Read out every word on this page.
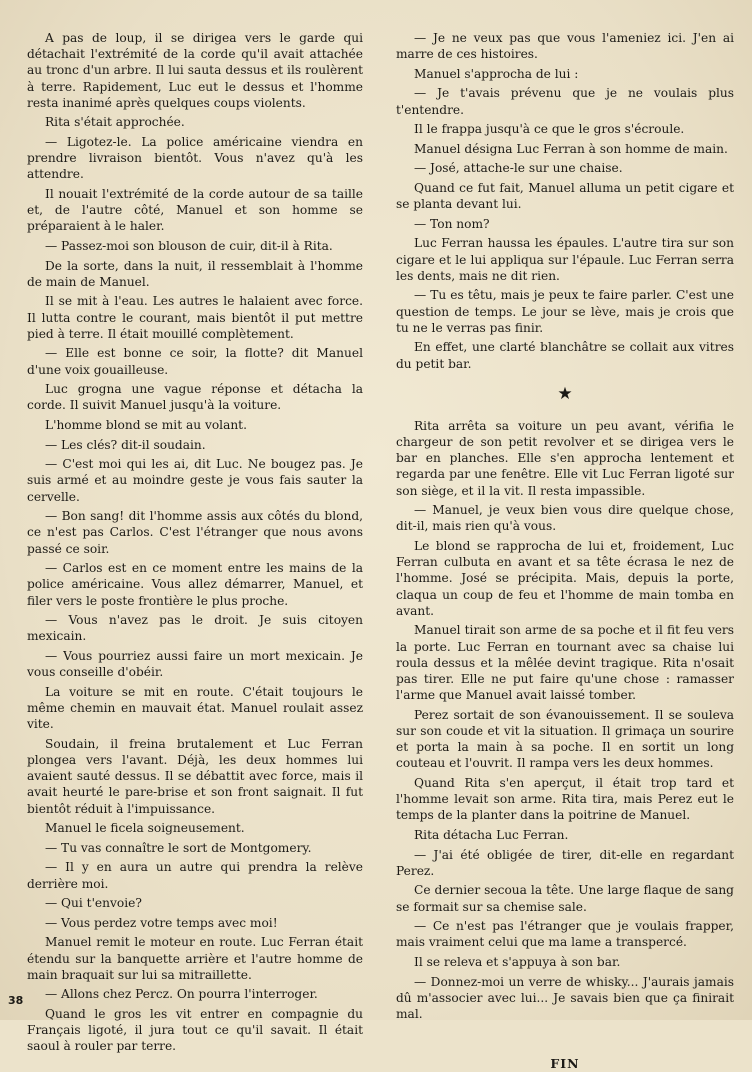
A pas de loup, il se dirigea vers le garde qui détachait l'extrémité de la corde qu'il avait attachée au tronc d'un arbre. Il lui sauta dessus et ils roulèrent à terre. Rapidement, Luc eut le dessus et l'homme resta inanimé après quelques coups violents.

Rita s'était approchée.

— Ligotez-le. La police américaine viendra en prendre livraison bientôt. Vous n'avez qu'à les attendre.

Il nouait l'extrémité de la corde autour de sa taille et, de l'autre côté, Manuel et son homme se préparaient à le haler.

— Passez-moi son blouson de cuir, dit-il à Rita.

De la sorte, dans la nuit, il ressemblait à l'homme de main de Manuel.

Il se mit à l'eau. Les autres le halaient avec force. Il lutta contre le courant, mais bientôt il put mettre pied à terre. Il était mouillé complètement.

— Elle est bonne ce soir, la flotte? dit Manuel d'une voix gouailleuse.

Luc grogna une vague réponse et détacha la corde. Il suivit Manuel jusqu'à la voiture.

L'homme blond se mit au volant.

— Les clés? dit-il soudain.

— C'est moi qui les ai, dit Luc. Ne bougez pas. Je suis armé et au moindre geste je vous fais sauter la cervelle.

— Bon sang! dit l'homme assis aux côtés du blond, ce n'est pas Carlos. C'est l'étranger que nous avons passé ce soir.

— Carlos est en ce moment entre les mains de la police américaine. Vous allez démarrer, Manuel, et filer vers le poste frontière le plus proche.

— Vous n'avez pas le droit. Je suis citoyen mexicain.

— Vous pourriez aussi faire un mort mexicain. Je vous conseille d'obéir.

La voiture se mit en route. C'était toujours le même chemin en mauvait état. Manuel roulait assez vite.

Soudain, il freina brutalement et Luc Ferran plongea vers l'avant. Déjà, les deux hommes lui avaient sauté dessus. Il se débattit avec force, mais il avait heurté le pare-brise et son front saignait. Il fut bientôt réduit à l'impuissance.

Manuel le ficela soigneusement.

— Tu vas connaître le sort de Montgomery.

— Il y en aura un autre qui prendra la relève derrière moi.

— Qui t'envoie?

— Vous perdez votre temps avec moi!

Manuel remit le moteur en route. Luc Ferran était étendu sur la banquette arrière et l'autre homme de main braquait sur lui sa mitraillette.

— Allons chez Percz. On pourra l'interroger.

Quand le gros les vit entrer en compagnie du Français ligoté, il jura tout ce qu'il savait. Il était saoul à rouler par terre.

— Je ne veux pas que vous l'ameniez ici. J'en ai marre de ces histoires.

Manuel s'approcha de lui :

— Je t'avais prévenu que je ne voulais plus t'entendre.

Il le frappa jusqu'à ce que le gros s'écroule.

Manuel désigna Luc Ferran à son homme de main.

— José, attache-le sur une chaise.

Quand ce fut fait, Manuel alluma un petit cigare et se planta devant lui.

— Ton nom?

Luc Ferran haussa les épaules. L'autre tira sur son cigare et le lui appliqua sur l'épaule. Luc Ferran serra les dents, mais ne dit rien.

— Tu es têtu, mais je peux te faire parler. C'est une question de temps. Le jour se lève, mais je crois que tu ne le verras pas finir.

En effet, une clarté blanchâtre se collait aux vitres du petit bar.

★

Rita arrêta sa voiture un peu avant, vérifia le chargeur de son petit revolver et se dirigea vers le bar en planches. Elle s'en approcha lentement et regarda par une fenêtre. Elle vit Luc Ferran ligoté sur son siège, et il la vit. Il resta impassible.

— Manuel, je veux bien vous dire quelque chose, dit-il, mais rien qu'à vous.

Le blond se rapprocha de lui et, froidement, Luc Ferran culbuta en avant et sa tête écrasa le nez de l'homme. José se précipita. Mais, depuis la porte, claqua un coup de feu et l'homme de main tomba en avant.

Manuel tirait son arme de sa poche et il fit feu vers la porte. Luc Ferran en tournant avec sa chaise lui roula dessus et la mêlée devint tragique. Rita n'osait pas tirer. Elle ne put faire qu'une chose : ramasser l'arme que Manuel avait laissé tomber.

Perez sortait de son évanouissement. Il se souleva sur son coude et vit la situation. Il grimaça un sourire et porta la main à sa poche. Il en sortit un long couteau et l'ouvrit. Il rampa vers les deux hommes.

Quand Rita s'en aperçut, il était trop tard et l'homme levait son arme. Rita tira, mais Perez eut le temps de la planter dans la poitrine de Manuel.

Rita détacha Luc Ferran.

— J'ai été obligée de tirer, dit-elle en regardant Perez.

Ce dernier secoua la tête. Une large flaque de sang se formait sur sa chemise sale.

— Ce n'est pas l'étranger que je voulais frapper, mais vraiment celui que ma lame a transpercé.

Il se releva et s'appuya à son bar.

— Donnez-moi un verre de whisky... J'aurais jamais dû m'associer avec lui... Je savais bien que ça finirait mal.

FIN
38
